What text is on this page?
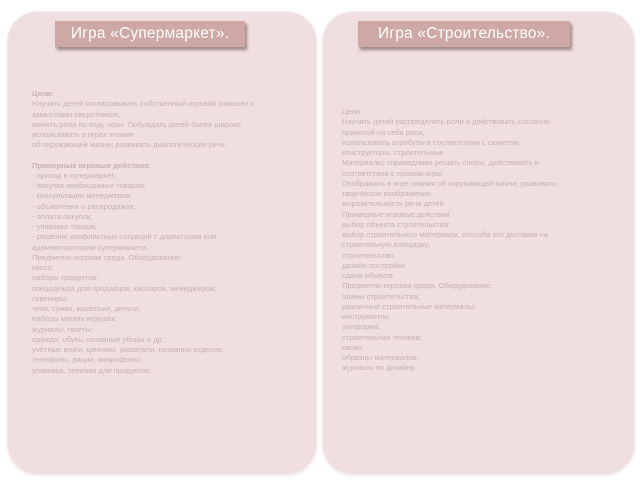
Игра «Супермаркет».	Игра «Строительство».
Цели:
Научить детей согласовывать собственный игровой замысел с
замыслами сверстников,
менять роли по ходу игры. Побуждать детей более широко
использовать в играх знания
об окружающей жизни; развивать диалогическую речь.
Примерные игровые действия:
- приход в супермаркет;
- покупка необходимых товаров;
- консультации менеджеров;
- объявления о распродажах;
- оплата покупок;
- упаковка товара;
- решение конфликтных ситуаций с директором или
администратором супермаркета.
Предметно-игровая среда. Оборудование:
касса;
наборы продуктов;
спецодежда для продавцов, кассиров, менеджеров;
сувениры;
чеки, сумки, кошельки, деньги;
наборы мягких игрушек;
журналы, газеты;
одежда, обувь, головные уборы и др.;
учётные книги, ценники, указатели, названия отделов;
телефоны, рации, микрофоны;
упаковка, тележки для продуктов.
Цели:
Научить детей распределять роли и действовать согласно
принятой на себя роли,
использовать атрибуты в соответствии с сюжетом,
конструкторы, строительные
Материалы; справедливо решать споры, действовать в
соответствии с планом игры
Отображать в игре знания об окружающей жизни, развивать
творческое воображение,
выразительность речи детей.
Примерные игровые действия:
выбор объекта строительства;
выбор строительного материала, способа его доставки на
строительную площадку;
строительство;
дизайн постройки;
сдача объекта.
Предметно-игровая среда. Оборудование:
планы строительства;
различные строительные материалы;
инструменты;
униформа;
строительная техника;
каски;
образцы материалов;
журналы по дизайну.
